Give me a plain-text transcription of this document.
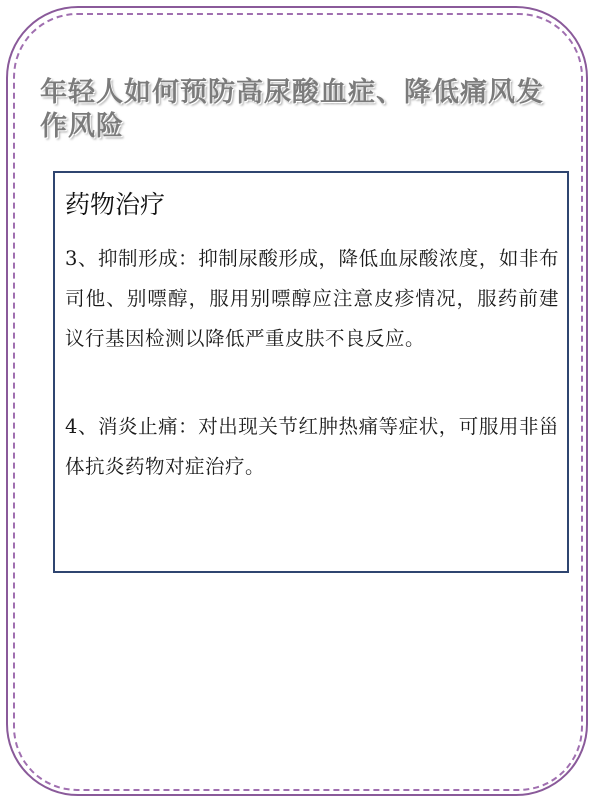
年轻人如何预防高尿酸血症、降低痛风发作风险
药物治疗

3、抑制形成：抑制尿酸形成，降低血尿酸浓度，如非布司他、别嘌醇，服用别嘌醇应注意皮疹情况，服药前建议行基因检测以降低严重皮肤不良反应。

4、消炎止痛：对出现关节红肿热痛等症状，可服用非甾体抗炎药物对症治疗。
